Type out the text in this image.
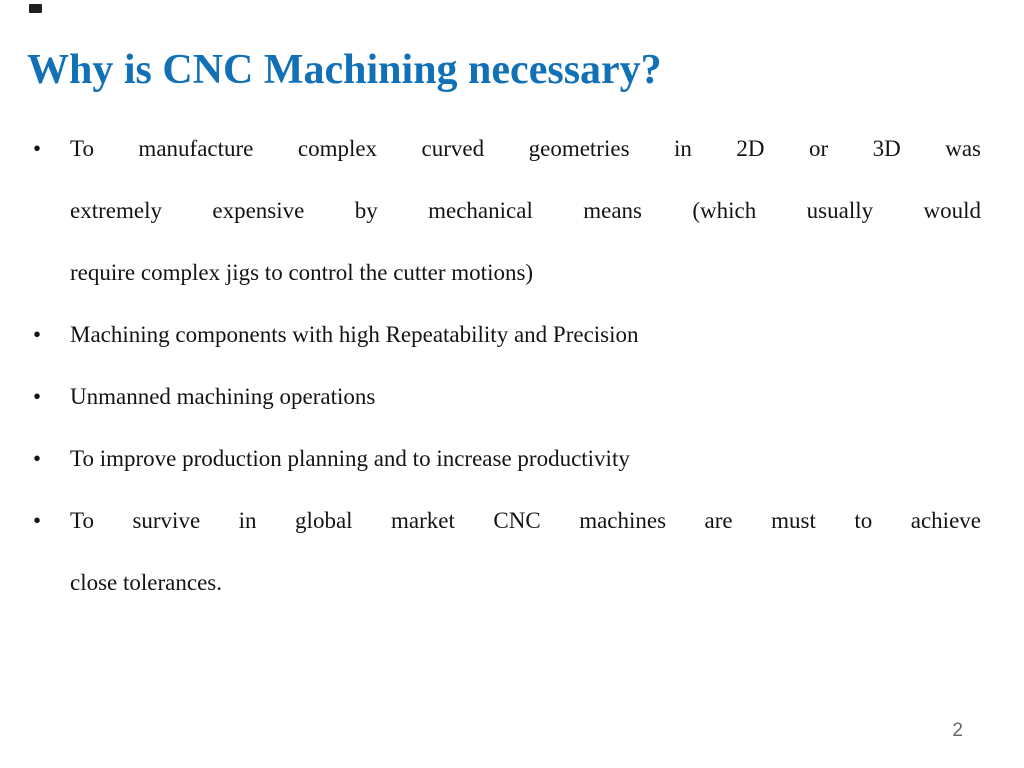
Why is CNC Machining necessary?
•	To manufacture complex curved geometries in 2D or 3D was
extremely expensive by mechanical means (which usually would
require complex jigs to control the cutter motions)
•	Machining components with high Repeatability and Precision
•	Unmanned machining operations
•	To improve production planning and to increase productivity
•	To survive in global market CNC machines are must to achieve
close tolerances.
2
